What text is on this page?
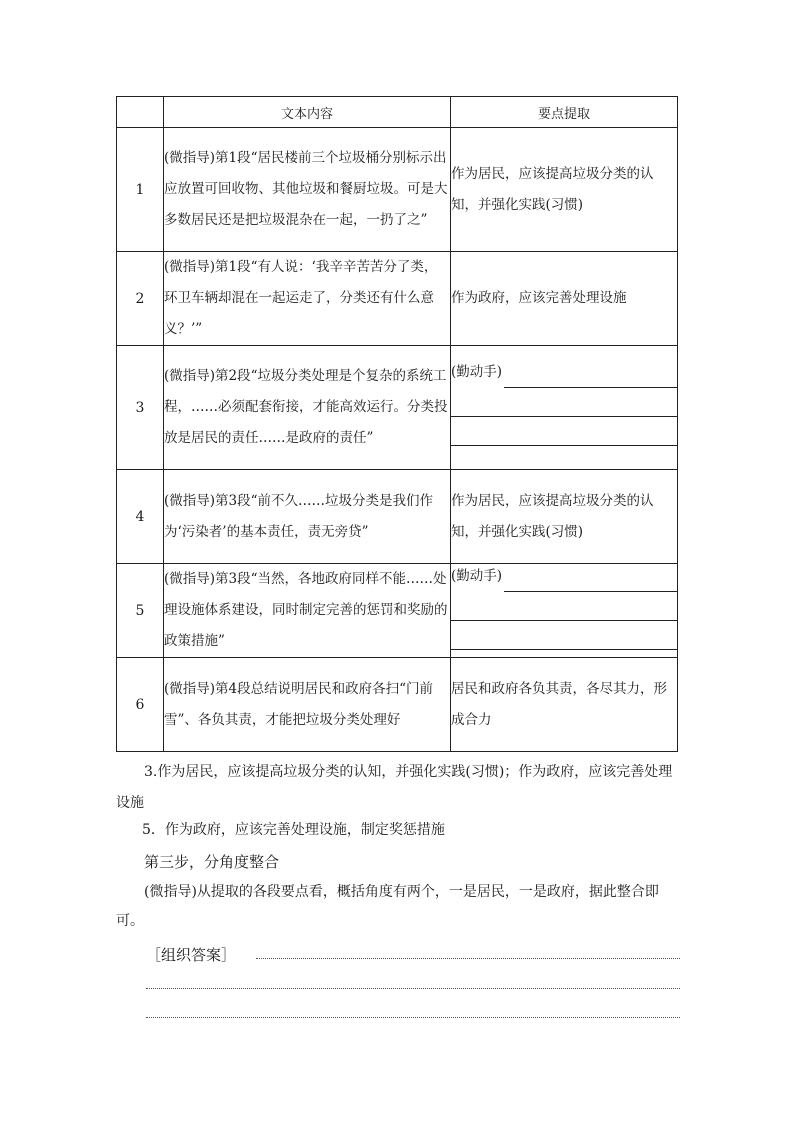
	文本内容	要点提取
1	(微指导)第1段“居民楼前三个垃圾桶分别标示出应放置可回收物、其他垃圾和餐厨垃圾。可是大多数居民还是把垃圾混杂在一起，一扔了之”	作为居民，应该提高垃圾分类的认知，并强化实践(习惯)
2	(微指导)第1段“有人说：‘我辛辛苦苦分了类，环卫车辆却混在一起运走了，分类还有什么意义？’”	作为政府，应该完善处理设施
3	(微指导)第2段“垃圾分类处理是个复杂的系统工程，……必须配套衔接，才能高效运行。分类投放是居民的责任……是政府的责任”	(勤动手)

4	(微指导)第3段“前不久……垃圾分类是我们作为‘污染者’的基本责任，责无旁贷”	作为居民，应该提高垃圾分类的认知，并强化实践(习惯)
5	(微指导)第3段“当然，各地政府同样不能……处理设施体系建设，同时制定完善的惩罚和奖励的政策措施”	(勤动手)

6	(微指导)第4段总结说明居民和政府各扫“门前雪”、各负其责，才能把垃圾分类处理好	居民和政府各负其责，各尽其力，形成合力
3.作为居民，应该提高垃圾分类的认知，并强化实践(习惯)；作为政府，应该完善处理设施
5．作为政府，应该完善处理设施，制定奖惩措施
第三步，分角度整合
(微指导)从提取的各段要点看，概括角度有两个，一是居民，一是政府，据此整合即可。
［组织答案］
